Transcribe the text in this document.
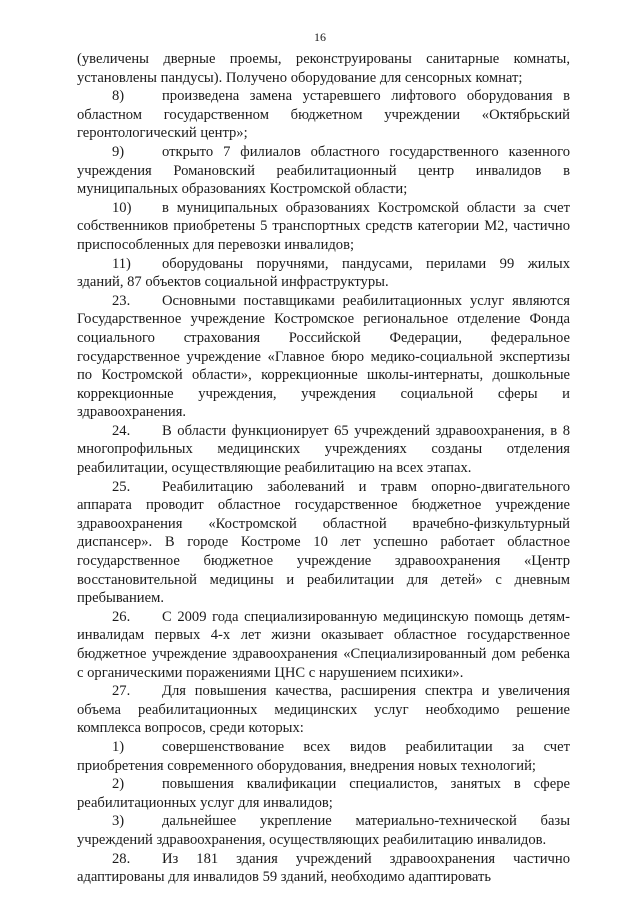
16

(увеличены дверные проемы, реконструированы санитарные комнаты, установлены пандусы). Получено оборудование для сенсорных комнат;

8)	произведена замена устаревшего лифтового оборудования в областном государственном бюджетном учреждении «Октябрьский геронтологический центр»;

9)	открыто 7 филиалов областного государственного казенного учреждения Романовский реабилитационный центр инвалидов в муниципальных образованиях Костромской области;

10) в муниципальных образованиях Костромской области за счет собственников приобретены 5 транспортных средств категории М2, частично приспособленных для перевозки инвалидов;

11) оборудованы поручнями, пандусами, перилами 99 жилых зданий, 87 объектов социальной инфраструктуры.

23. Основными поставщиками реабилитационных услуг являются Государственное учреждение Костромское региональное отделение Фонда социального страхования Российской Федерации, федеральное государственное учреждение «Главное бюро медико-социальной экспертизы по Костромской области», коррекционные школы-интернаты, дошкольные коррекционные учреждения, учреждения социальной сферы и здравоохранения.

24. В области функционирует 65 учреждений здравоохранения, в 8 многопрофильных медицинских учреждениях созданы отделения реабилитации, осуществляющие реабилитацию на всех этапах.

25. Реабилитацию заболеваний и травм опорно-двигательного аппарата проводит областное государственное бюджетное учреждение здравоохранения «Костромской областной врачебно-физкультурный диспансер». В городе Костроме 10 лет успешно работает областное государственное бюджетное учреждение здравоохранения «Центр восстановительной медицины и реабилитации для детей» с дневным пребыванием.

26. С 2009 года специализированную медицинскую помощь детям-инвалидам первых 4-х лет жизни оказывает областное государственное бюджетное учреждение здравоохранения «Специализированный дом ребенка с органическими поражениями ЦНС с нарушением психики».

27. Для повышения качества, расширения спектра и увеличения объема реабилитационных медицинских услуг необходимо решение комплекса вопросов, среди которых:

1)	совершенствование всех видов реабилитации за счет приобретения современного оборудования, внедрения новых технологий;

2)	повышения квалификации специалистов, занятых в сфере реабилитационных услуг для инвалидов;

3)	дальнейшее укрепление материально-технической базы учреждений здравоохранения, осуществляющих реабилитацию инвалидов.

28. Из 181 здания учреждений здравоохранения частично адаптированы для инвалидов 59 зданий, необходимо адаптировать
